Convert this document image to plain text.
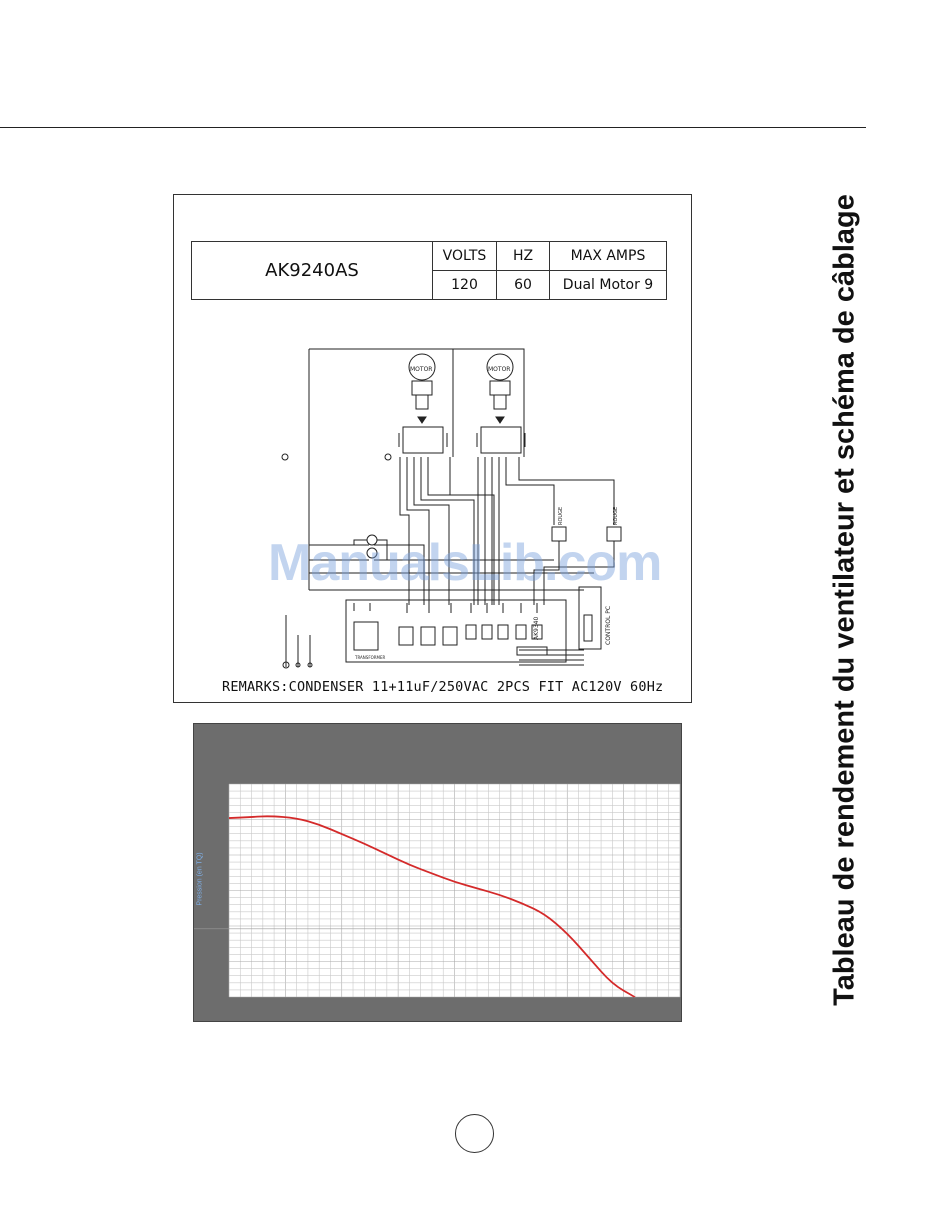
Tableau de rendement du ventilateur et schéma de câblage
AK9240AS	VOLTS	HZ	MAX AMPS
	120	60	Dual Motor 9
MOTOR	MOTOR
AK9340	CONTROL PC
TRANSFORMER
ROUGE	ROUGE
ManualsLib.com
REMARKS:CONDENSER 11+11uF/250VAC 2PCS FIT AC120V 60Hz
Pression (en TQ)
